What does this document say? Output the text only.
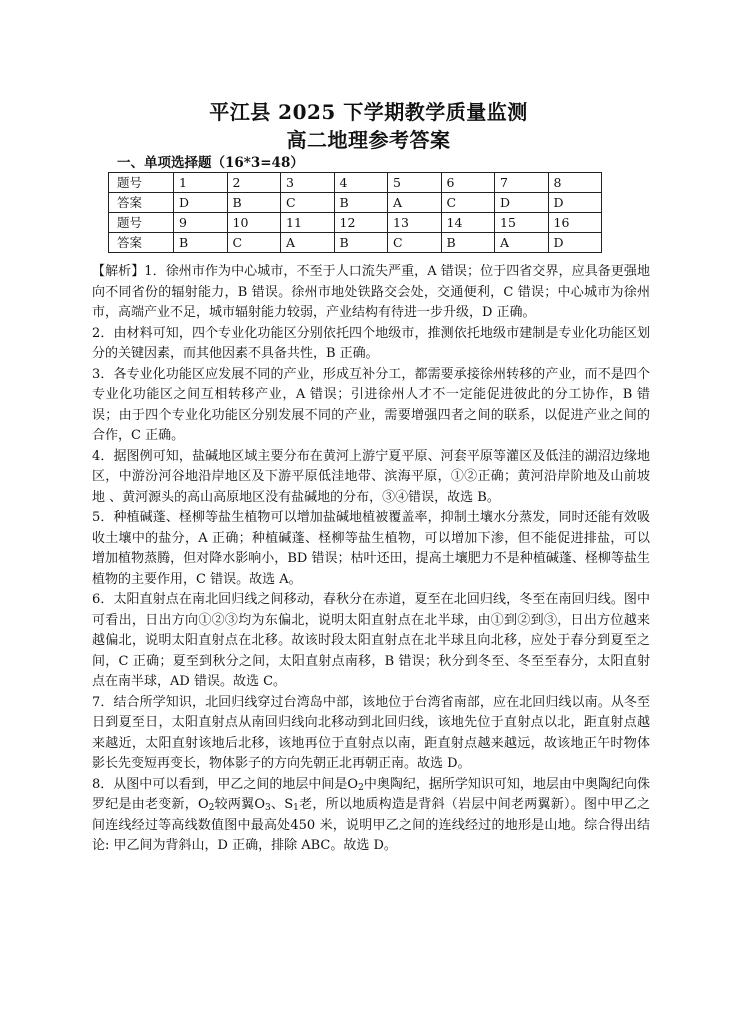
平江县 2025 下学期教学质量监测
高二地理参考答案
一、单项选择题（16*3=48）
题号	1	2	3	4	5	6	7	8
答案	D	B	C	B	A	C	D	D
题号	9	10	11	12	13	14	15	16
答案	B	C	A	B	C	B	A	D

【解析】1．徐州市作为中心城市，不至于人口流失严重，A 错误；位于四省交界，应具备更强地向不同省份的辐射能力，B 错误。徐州市地处铁路交会处，交通便利，C 错误；中心城市为徐州市，高端产业不足，城市辐射能力较弱，产业结构有待进一步升级，D 正确。

2．由材料可知，四个专业化功能区分别依托四个地级市，推测依托地级市建制是专业化功能区划分的关键因素，而其他因素不具备共性，B 正确。

3．各专业化功能区应发展不同的产业，形成互补分工，都需要承接徐州转移的产业，而不是四个专业化功能区之间互相转移产业，A 错误；引进徐州人才不一定能促进彼此的分工协作，B 错误；由于四个专业化功能区分别发展不同的产业，需要增强四者之间的联系，以促进产业之间的合作，C 正确。

4．据图例可知，盐碱地区域主要分布在黄河上游宁夏平原、河套平原等灌区及低洼的湖沼边缘地区，中游汾河谷地沿岸地区及下游平原低洼地带、滨海平原，①②正确；黄河沿岸阶地及山前坡地 、黄河源头的高山高原地区没有盐碱地的分布，③④错误，故选 B。

5．种植碱蓬、柽柳等盐生植物可以增加盐碱地植被覆盖率，抑制土壤水分蒸发，同时还能有效吸收土壤中的盐分，A 正确；种植碱蓬、柽柳等盐生植物，可以增加下渗，但不能促进排盐，可以增加植物蒸腾，但对降水影响小，BD 错误；枯叶还田，提高土壤肥力不是种植碱蓬、柽柳等盐生植物的主要作用，C 错误。故选 A。

6．太阳直射点在南北回归线之间移动，春秋分在赤道，夏至在北回归线，冬至在南回归线。图中可看出，日出方向①②③均为东偏北，说明太阳直射点在北半球，由①到②到③，日出方位越来越偏北，说明太阳直射点在北移。故该时段太阳直射点在北半球且向北移，应处于春分到夏至之间，C 正确；夏至到秋分之间，太阳直射点南移，B 错误；秋分到冬至、冬至至春分，太阳直射点在南半球，AD 错误。故选 C。

7．结合所学知识，北回归线穿过台湾岛中部，该地位于台湾省南部，应在北回归线以南。从冬至日到夏至日，太阳直射点从南回归线向北移动到北回归线，该地先位于直射点以北，距直射点越来越近，太阳直射该地后北移，该地再位于直射点以南，距直射点越来越远，故该地正午时物体影长先变短再变长，物体影子的方向先朝正北再朝正南。故选 D。

8．从图中可以看到，甲乙之间的地层中间是$O_2$中奥陶纪，据所学知识可知，地层由中奥陶纪向侏罗纪是由老变新，$O_2$较两翼$O_3$、$S_1$老，所以地质构造是背斜（岩层中间老两翼新）。图中甲乙之间连线经过等高线数值图中最高处450 米，说明甲乙之间的连线经过的地形是山地。综合得出结论: 甲乙间为背斜山，D 正确，排除 ABC。故选 D。
